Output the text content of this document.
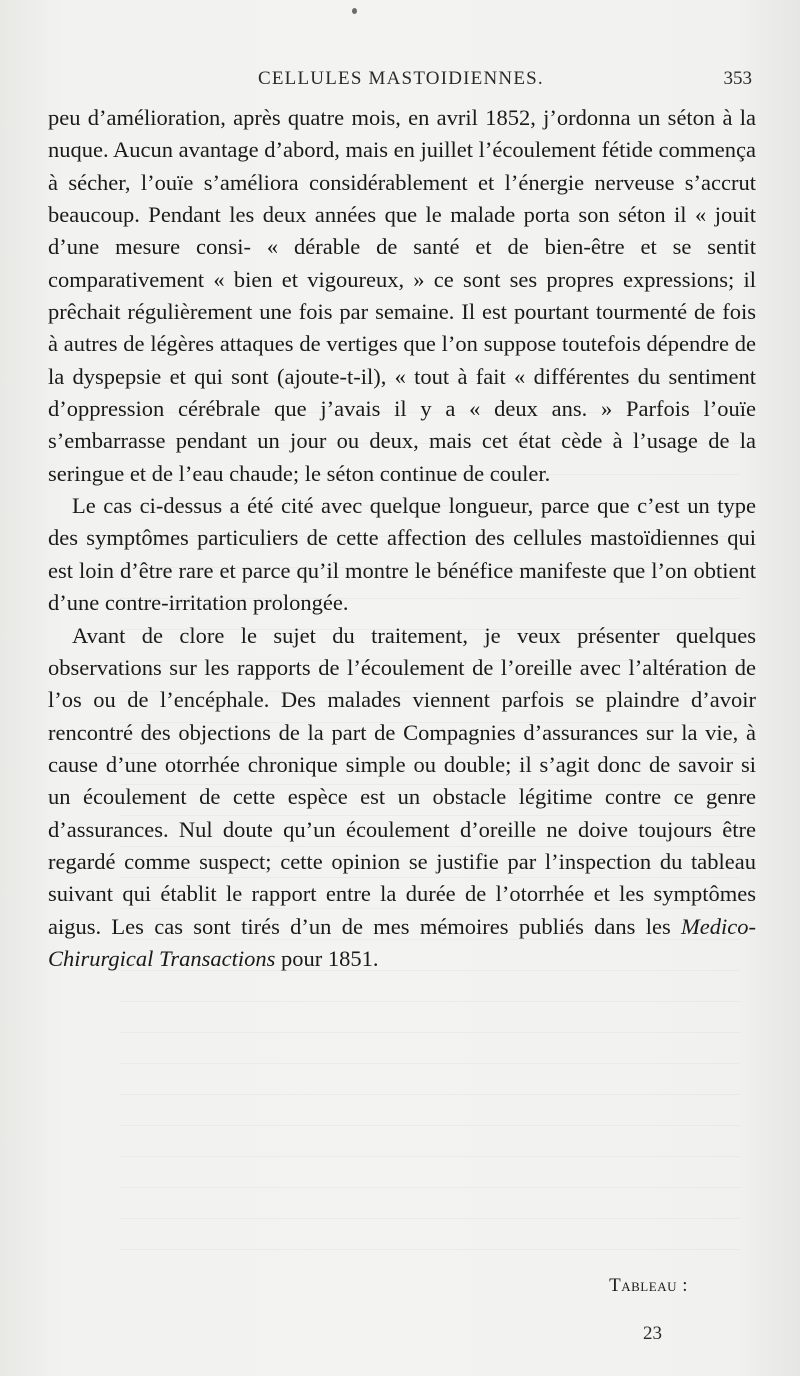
CELLULES MASTOIDIENNES.	353

peu d’amélioration, après quatre mois, en avril 1852, j’ordonna un séton à la nuque. Aucun avantage d’abord, mais en juillet l’écoulement fétide commença à sécher, l’ouïe s’améliora considérablement et l’énergie nerveuse s’accrut beaucoup. Pendant les deux années que le malade porta son séton il « jouit d’une mesure consi- « dérable de santé et de bien-être et se sentit comparativement « bien et vigoureux, » ce sont ses propres expressions; il prêchait régulièrement une fois par semaine. Il est pourtant tourmenté de fois à autres de légères attaques de vertiges que l’on suppose toutefois dépendre de la dyspepsie et qui sont (ajoute-t-il), « tout à fait « différentes du sentiment d’oppression cérébrale que j’avais il y a « deux ans. » Parfois l’ouïe s’embarrasse pendant un jour ou deux, mais cet état cède à l’usage de la seringue et de l’eau chaude; le séton continue de couler.

Le cas ci-dessus a été cité avec quelque longueur, parce que c’est un type des symptômes particuliers de cette affection des cellules mastoïdiennes qui est loin d’être rare et parce qu’il montre le bénéfice manifeste que l’on obtient d’une contre-irritation prolongée.

Avant de clore le sujet du traitement, je veux présenter quelques observations sur les rapports de l’écoulement de l’oreille avec l’altération de l’os ou de l’encéphale. Des malades viennent parfois se plaindre d’avoir rencontré des objections de la part de Compagnies d’assurances sur la vie, à cause d’une otorrhée chronique simple ou double; il s’agit donc de savoir si un écoulement de cette espèce est un obstacle légitime contre ce genre d’assurances. Nul doute qu’un écoulement d’oreille ne doive toujours être regardé comme suspect; cette opinion se justifie par l’inspection du tableau suivant qui établit le rapport entre la durée de l’otorrhée et les symptômes aigus. Les cas sont tirés d’un de mes mémoires publiés dans les Medico-Chirurgical Transactions pour 1851.

Tableau :
23
